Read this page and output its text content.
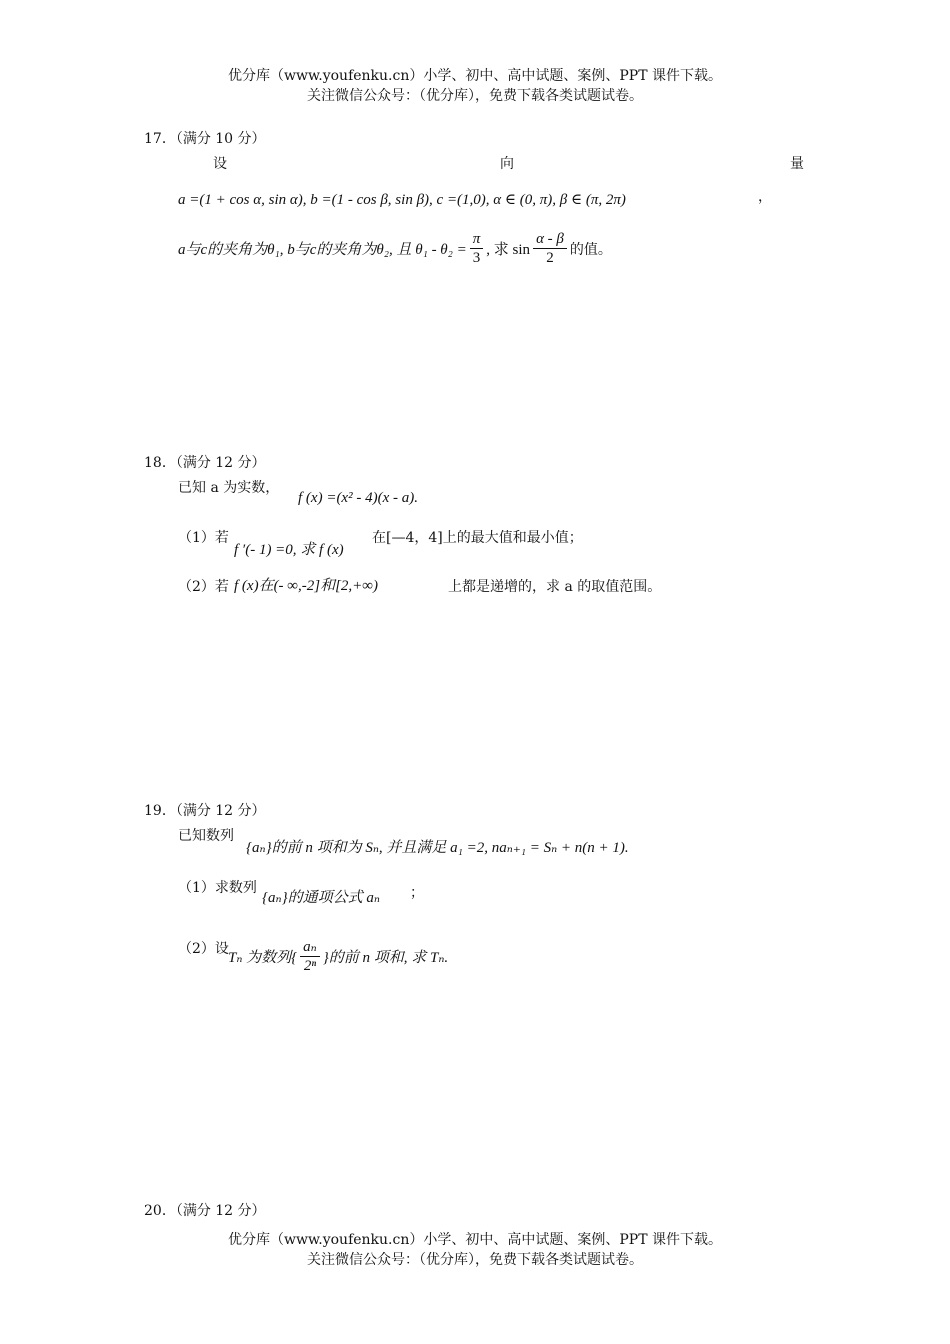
优分库（www.youfenku.cn）小学、初中、高中试题、案例、PPT 课件下载。
关注微信公众号：（优分库），免费下载各类试题试卷。
17．（满分 10 分）
设	向	量
a =(1 + cos α, sin α), b =(1 - cos β, sin β), c =(1,0), α ∈ (0, π), β ∈ (π, 2π)	，
a与c的夹角为θ₁, b与c的夹角为θ₂, 且 $\theta_1 - \theta_2 = \frac{\pi}{3}$ , 求 $\sin \frac{\alpha - \beta}{2}$ 的值。
18．（满分 12 分）
已知 a 为实数，
f (x) =(x² - 4)(x - a).
（1）若
f ′(- 1) =0, 求 f (x)
在[—4，4]上的最大值和最小值；
（2）若 f (x)在(- ∞,-2]和[2,+∞)	上都是递增的，求 a 的取值范围。
19．（满分 12 分）
已知数列
{aₙ}的前 n 项和为 Sₙ, 并且满足 a₁ =2, naₙ₊₁ = Sₙ + n(n + 1).
（1）求数列
{aₙ}的通项公式 aₙ ；
（2）设
Tₙ 为数列{ $\frac{\text{aₙ}}{\text{2ⁿ}}$ }的前 n 项和, 求 Tₙ.
20．（满分 12 分）
优分库（www.youfenku.cn）小学、初中、高中试题、案例、PPT 课件下载。
关注微信公众号：（优分库），免费下载各类试题试卷。
